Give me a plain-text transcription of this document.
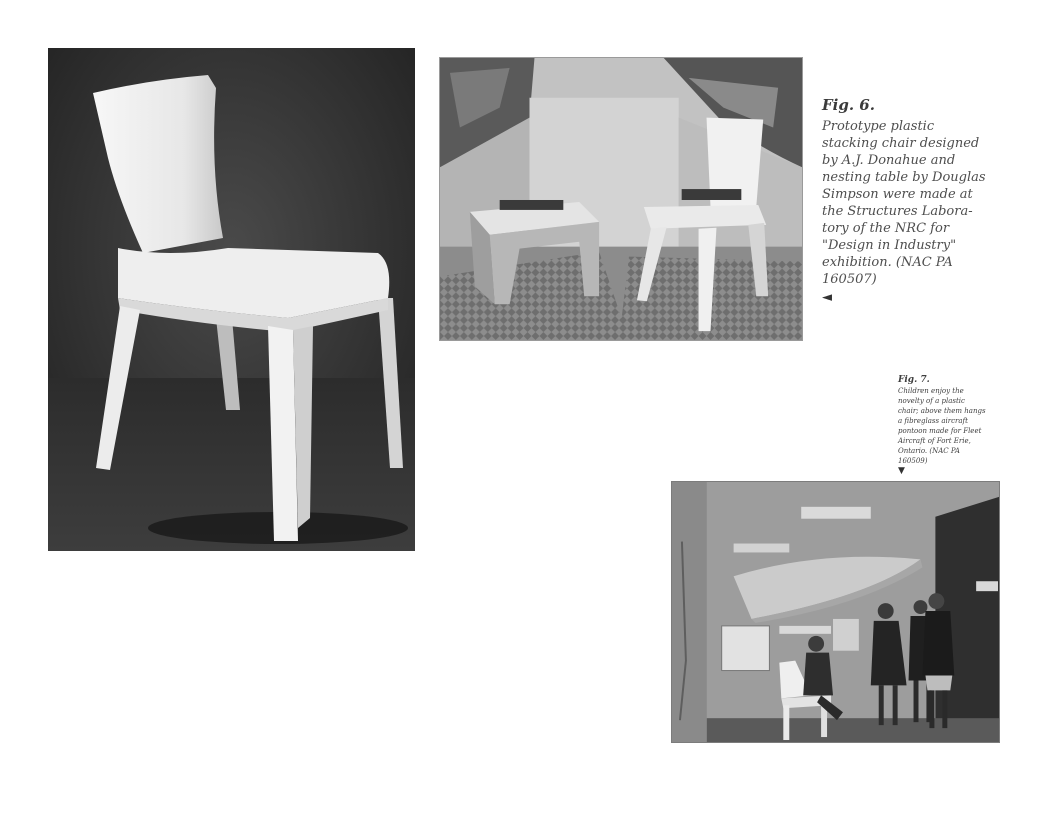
Fig. 6.
Prototype plastic
stacking chair designed
by A.J. Donahue and
nesting table by Douglas
Simpson were made at
the Structures Labora-
tory of the NRC for
"Design in Industry"
exhibition. (NAC PA
160507)
◄
Fig. 7.
Children enjoy the
novelty of a plastic
chair; above them hangs
a fibreglass aircraft
pontoon made for Fleet
Aircraft of Fort Erie,
Ontario. (NAC PA
160509)
▼
